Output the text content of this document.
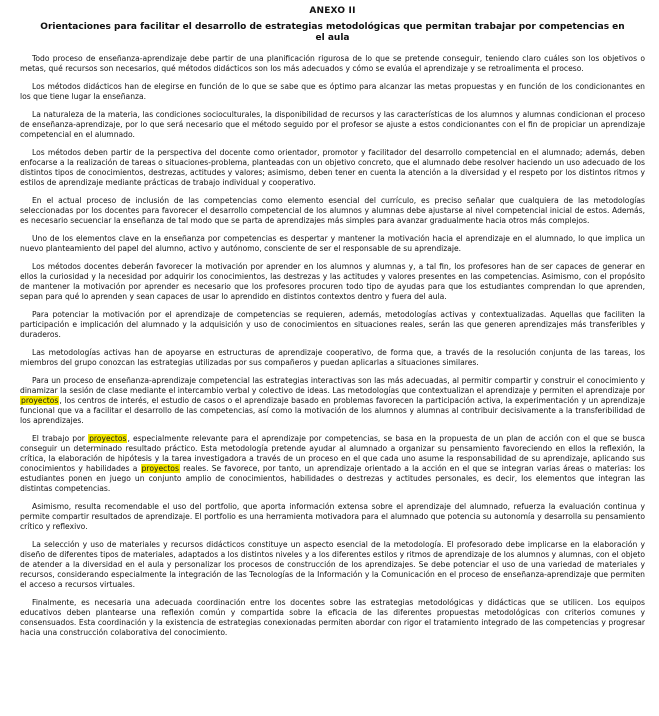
ANEXO II
Orientaciones para facilitar el desarrollo de estrategias metodológicas que permitan trabajar por competencias en el aula

Todo proceso de enseñanza-aprendizaje debe partir de una planificación rigurosa de lo que se pretende conseguir, teniendo claro cuáles son los objetivos o metas, qué recursos son necesarios, qué métodos didácticos son los más adecuados y cómo se evalúa el aprendizaje y se retroalimenta el proceso.

Los métodos didácticos han de elegirse en función de lo que se sabe que es óptimo para alcanzar las metas propuestas y en función de los condicionantes en los que tiene lugar la enseñanza.

La naturaleza de la materia, las condiciones socioculturales, la disponibilidad de recursos y las características de los alumnos y alumnas condicionan el proceso de enseñanza-aprendizaje, por lo que será necesario que el método seguido por el profesor se ajuste a estos condicionantes con el fin de propiciar un aprendizaje competencial en el alumnado.

Los métodos deben partir de la perspectiva del docente como orientador, promotor y facilitador del desarrollo competencial en el alumnado; además, deben enfocarse a la realización de tareas o situaciones-problema, planteadas con un objetivo concreto, que el alumnado debe resolver haciendo un uso adecuado de los distintos tipos de conocimientos, destrezas, actitudes y valores; asimismo, deben tener en cuenta la atención a la diversidad y el respeto por los distintos ritmos y estilos de aprendizaje mediante prácticas de trabajo individual y cooperativo.

En el actual proceso de inclusión de las competencias como elemento esencial del currículo, es preciso señalar que cualquiera de las metodologías seleccionadas por los docentes para favorecer el desarrollo competencial de los alumnos y alumnas debe ajustarse al nivel competencial inicial de estos. Además, es necesario secuenciar la enseñanza de tal modo que se parta de aprendizajes más simples para avanzar gradualmente hacia otros más complejos.

Uno de los elementos clave en la enseñanza por competencias es despertar y mantener la motivación hacia el aprendizaje en el alumnado, lo que implica un nuevo planteamiento del papel del alumno, activo y autónomo, consciente de ser el responsable de su aprendizaje.

Los métodos docentes deberán favorecer la motivación por aprender en los alumnos y alumnas y, a tal fin, los profesores han de ser capaces de generar en ellos la curiosidad y la necesidad por adquirir los conocimientos, las destrezas y las actitudes y valores presentes en las competencias. Asimismo, con el propósito de mantener la motivación por aprender es necesario que los profesores procuren todo tipo de ayudas para que los estudiantes comprendan lo que aprenden, sepan para qué lo aprenden y sean capaces de usar lo aprendido en distintos contextos dentro y fuera del aula.

Para potenciar la motivación por el aprendizaje de competencias se requieren, además, metodologías activas y contextualizadas. Aquellas que faciliten la participación e implicación del alumnado y la adquisición y uso de conocimientos en situaciones reales, serán las que generen aprendizajes más transferibles y duraderos.

Las metodologías activas han de apoyarse en estructuras de aprendizaje cooperativo, de forma que, a través de la resolución conjunta de las tareas, los miembros del grupo conozcan las estrategias utilizadas por sus compañeros y puedan aplicarlas a situaciones similares.

Para un proceso de enseñanza-aprendizaje competencial las estrategias interactivas son las más adecuadas, al permitir compartir y construir el conocimiento y dinamizar la sesión de clase mediante el intercambio verbal y colectivo de ideas. Las metodologías que contextualizan el aprendizaje y permiten el aprendizaje por proyectos, los centros de interés, el estudio de casos o el aprendizaje basado en problemas favorecen la participación activa, la experimentación y un aprendizaje funcional que va a facilitar el desarrollo de las competencias, así como la motivación de los alumnos y alumnas al contribuir decisivamente a la transferibilidad de los aprendizajes.

El trabajo por proyectos, especialmente relevante para el aprendizaje por competencias, se basa en la propuesta de un plan de acción con el que se busca conseguir un determinado resultado práctico. Esta metodología pretende ayudar al alumnado a organizar su pensamiento favoreciendo en ellos la reflexión, la crítica, la elaboración de hipótesis y la tarea investigadora a través de un proceso en el que cada uno asume la responsabilidad de su aprendizaje, aplicando sus conocimientos y habilidades a proyectos reales. Se favorece, por tanto, un aprendizaje orientado a la acción en el que se integran varias áreas o materias: los estudiantes ponen en juego un conjunto amplio de conocimientos, habilidades o destrezas y actitudes personales, es decir, los elementos que integran las distintas competencias.

Asimismo, resulta recomendable el uso del portfolio, que aporta información extensa sobre el aprendizaje del alumnado, refuerza la evaluación continua y permite compartir resultados de aprendizaje. El portfolio es una herramienta motivadora para el alumnado que potencia su autonomía y desarrolla su pensamiento crítico y reflexivo.

La selección y uso de materiales y recursos didácticos constituye un aspecto esencial de la metodología. El profesorado debe implicarse en la elaboración y diseño de diferentes tipos de materiales, adaptados a los distintos niveles y a los diferentes estilos y ritmos de aprendizaje de los alumnos y alumnas, con el objeto de atender a la diversidad en el aula y personalizar los procesos de construcción de los aprendizajes. Se debe potenciar el uso de una variedad de materiales y recursos, considerando especialmente la integración de las Tecnologías de la Información y la Comunicación en el proceso de enseñanza-aprendizaje que permiten el acceso a recursos virtuales.

Finalmente, es necesaria una adecuada coordinación entre los docentes sobre las estrategias metodológicas y didácticas que se utilicen. Los equipos educativos deben plantearse una reflexión común y compartida sobre la eficacia de las diferentes propuestas metodológicas con criterios comunes y consensuados. Esta coordinación y la existencia de estrategias conexionadas permiten abordar con rigor el tratamiento integrado de las competencias y progresar hacia una construcción colaborativa del conocimiento.
